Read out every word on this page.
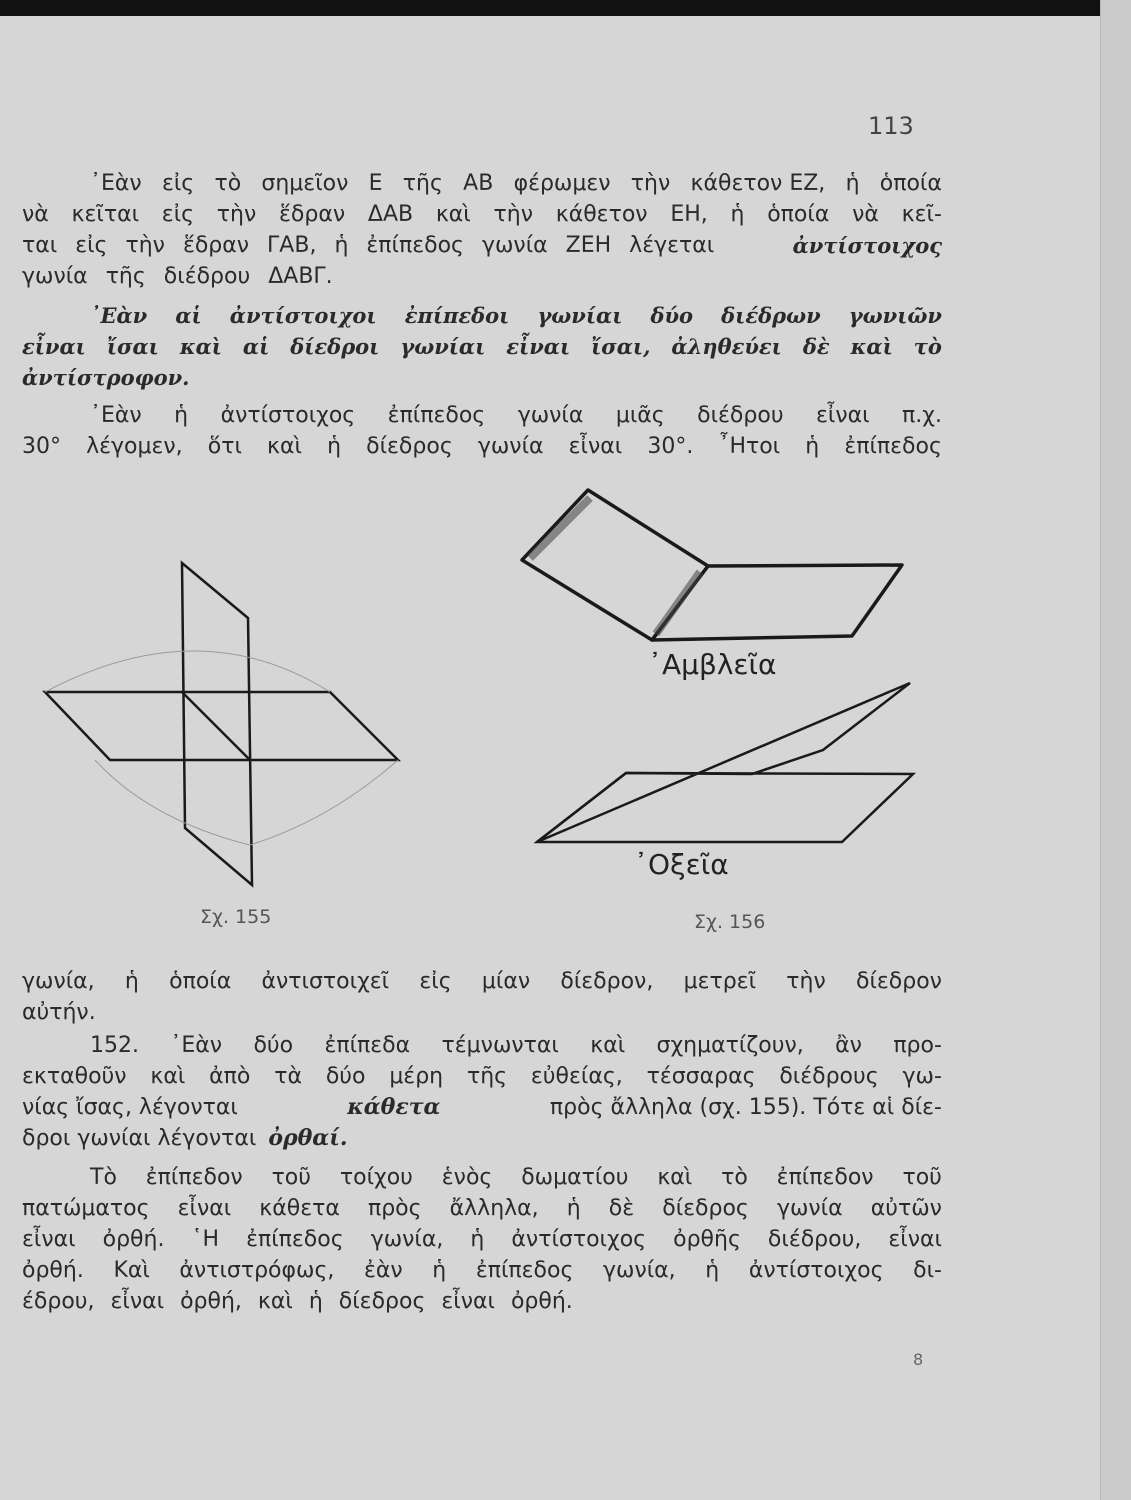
113
᾿Εὰν εἰς τὸ σημεῖον Ε τῆς ΑΒ φέρωμεν τὴν κάθετον ΕΖ, ἡ ὁποία
νὰ κεῖται εἰς τὴν ἕδραν ΔΑΒ καὶ τὴν κάθετον ΕΗ, ἡ ὁποία νὰ κεῖ-
ται εἰς τὴν ἕδραν ΓΑΒ, ἡ ἐπίπεδος γωνία ΖΕΗ λέγεται	ἀντίστοιχος
γωνία τῆς διέδρου ΔΑΒΓ.
᾿Εὰν αἱ ἀντίστοιχοι ἐπίπεδοι γωνίαι δύο διέδρων γωνιῶν
εἶναι ἴσαι καὶ αἱ δίεδροι γωνίαι εἶναι ἴσαι, ἀληθεύει δὲ καὶ τὸ
ἀντίστροφον.
᾿Εὰν ἡ ἀντίστοιχος ἐπίπεδος γωνία μιᾶς διέδρου εἶναι π.χ.
30° λέγομεν, ὅτι καὶ ἡ δίεδρος γωνία εἶναι 30°. ῏Ητοι ἡ ἐπίπεδος
᾿Αμβλεῖα
᾿Οξεῖα
Σχ. 155	Σχ. 156
γωνία, ἡ ὁποία ἀντιστοιχεῖ εἰς μίαν δίεδρον, μετρεῖ τὴν δίεδρον
αὐτήν.
152. ᾿Εὰν δύο ἐπίπεδα τέμνωνται καὶ σχηματίζουν, ἂν προ-
εκταθοῦν καὶ ἀπὸ τὰ δύο μέρη τῆς εὐθείας, τέσσαρας διέδρους γω-
νίας ἴσας, λέγονται	κάθετα	πρὸς ἄλληλα (σχ. 155). Τότε αἱ δίε-
δροι γωνίαι λέγονται ὀρθαί.
Τὸ ἐπίπεδον τοῦ τοίχου ἑνὸς δωματίου καὶ τὸ ἐπίπεδον τοῦ
πατώματος εἶναι κάθετα πρὸς ἄλληλα, ἡ δὲ δίεδρος γωνία αὐτῶν
εἶναι ὀρθή. ῾Η ἐπίπεδος γωνία, ἡ ἀντίστοιχος ὀρθῆς διέδρου, εἶναι
ὀρθή. Καὶ ἀντιστρόφως, ἐὰν ἡ ἐπίπεδος γωνία, ἡ ἀντίστοιχος δι-
έδρου, εἶναι ὀρθή, καὶ ἡ δίεδρος εἶναι ὀρθή.
8
